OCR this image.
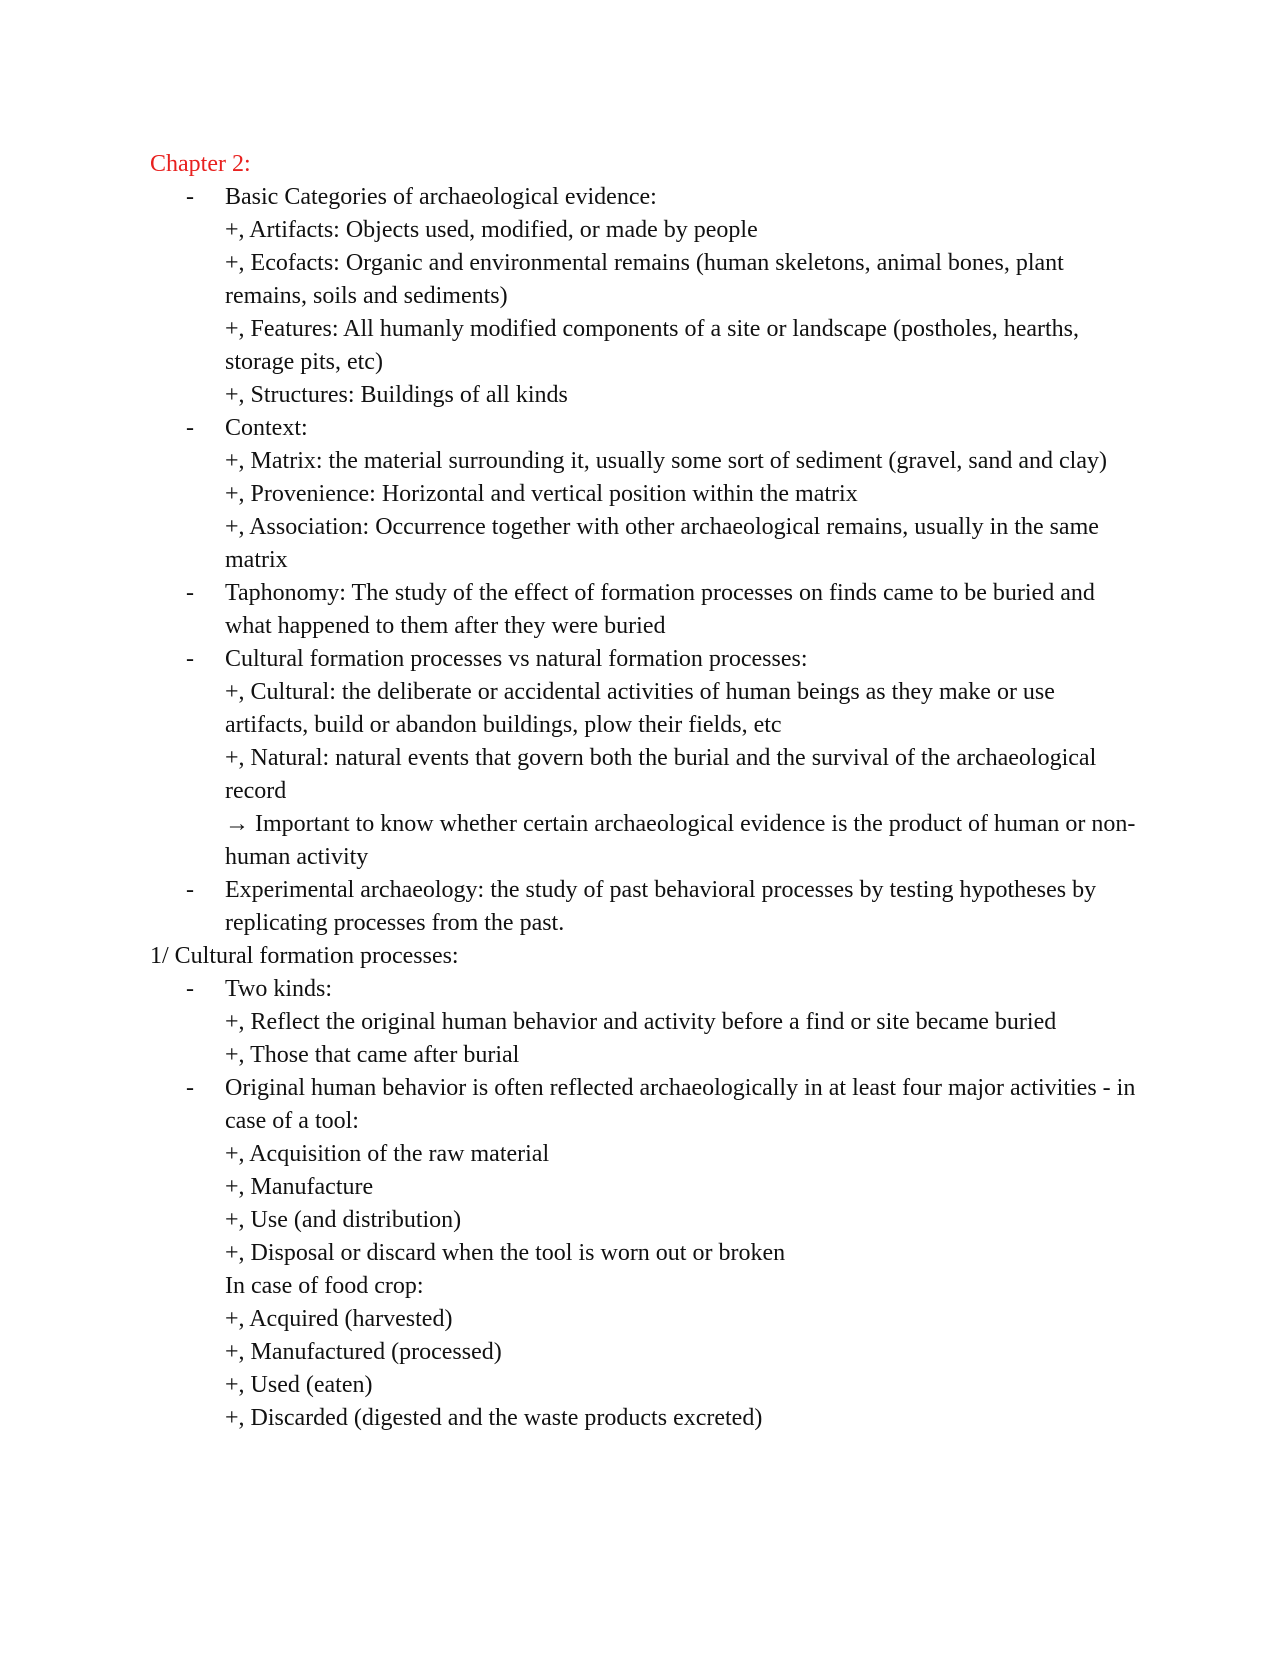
Chapter 2:
- Basic Categories of archaeological evidence:
+, Artifacts: Objects used, modified, or made by people
+, Ecofacts: Organic and environmental remains (human skeletons, animal bones, plant remains, soils and sediments)
+, Features: All humanly modified components of a site or landscape (postholes, hearths, storage pits, etc)
+, Structures: Buildings of all kinds
- Context:
+, Matrix: the material surrounding it, usually some sort of sediment (gravel, sand and clay)
+, Provenience: Horizontal and vertical position within the matrix
+, Association: Occurrence together with other archaeological remains, usually in the same matrix
- Taphonomy: The study of the effect of formation processes on finds came to be buried and what happened to them after they were buried
- Cultural formation processes vs natural formation processes:
+, Cultural: the deliberate or accidental activities of human beings as they make or use artifacts, build or abandon buildings, plow their fields, etc
+, Natural: natural events that govern both the burial and the survival of the archaeological record
→ Important to know whether certain archaeological evidence is the product of human or non-human activity
- Experimental archaeology: the study of past behavioral processes by testing hypotheses by replicating processes from the past.
1/ Cultural formation processes:
- Two kinds:
+, Reflect the original human behavior and activity before a find or site became buried
+, Those that came after burial
- Original human behavior is often reflected archaeologically in at least four major activities - in case of a tool:
+, Acquisition of the raw material
+, Manufacture
+, Use (and distribution)
+, Disposal or discard when the tool is worn out or broken
In case of food crop:
+, Acquired (harvested)
+, Manufactured (processed)
+, Used (eaten)
+, Discarded (digested and the waste products excreted)
